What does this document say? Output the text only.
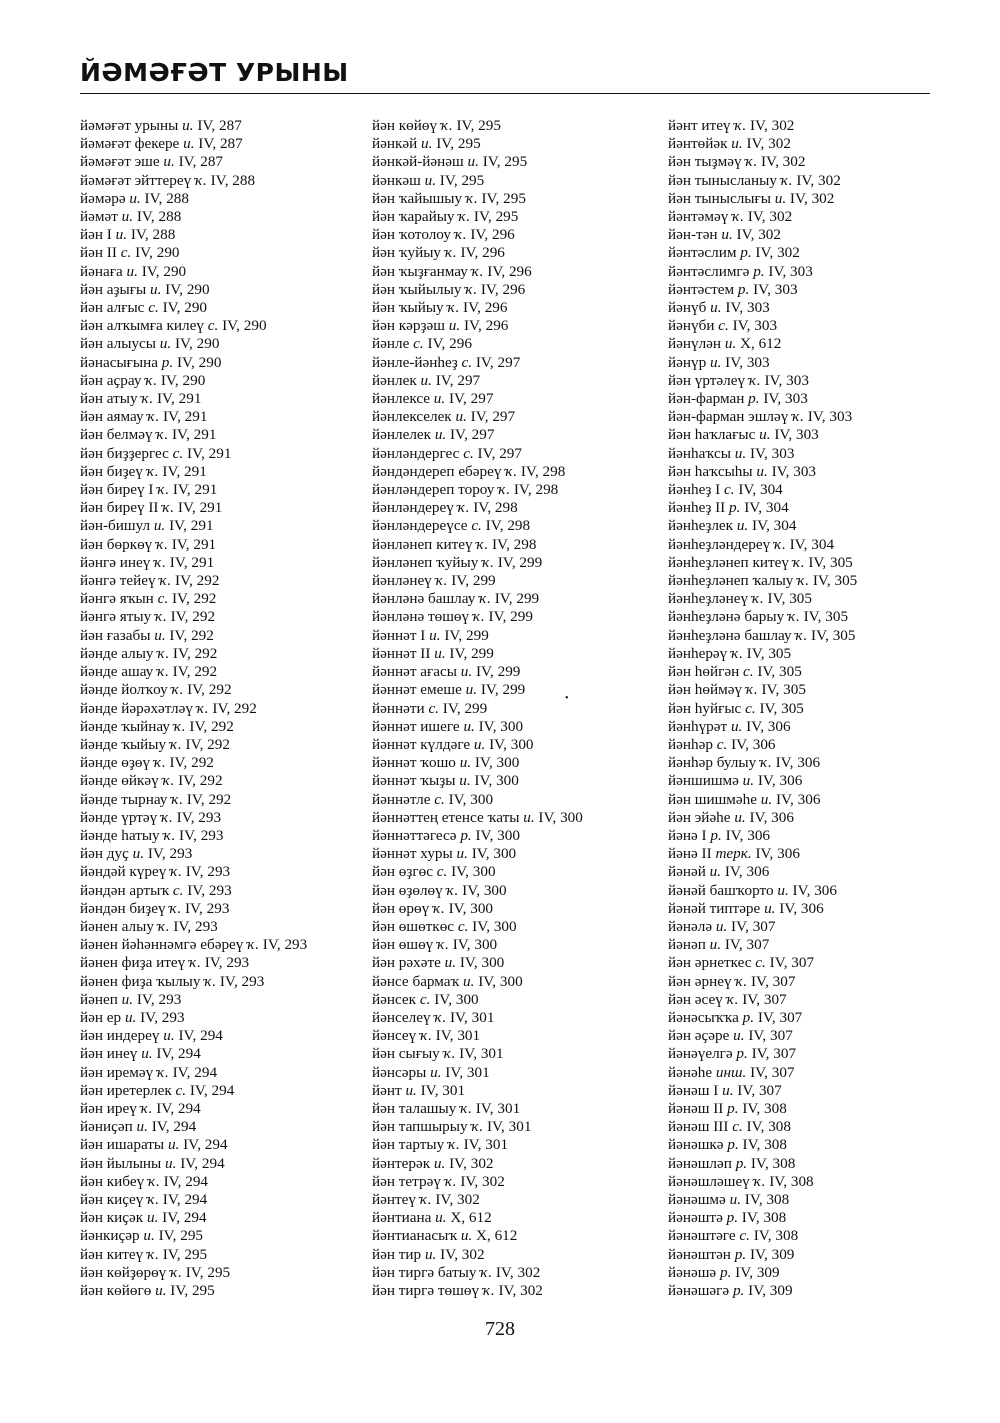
ЙӘМӘҒӘТ УРЫНЫ
йәмәғәт урыны и. IV, 287
йәмәғәт фекере и. IV, 287
йәмәғәт эше и. IV, 287
йәмәғәт эйттереү ҡ. IV, 288
йәмәрә и. IV, 288
йәмәт и. IV, 288
йән I и. IV, 288
йән II с. IV, 290
йәнаға и. IV, 290
йән аҙығы и. IV, 290
йән алғыс с. IV, 290
йән алҡымға килеү с. IV, 290
йән алыусы и. IV, 290
йәнасығына р. IV, 290
йән аҫрау ҡ. IV, 290
йән атыу ҡ. IV, 291
йән аямау ҡ. IV, 291
йән белмәү ҡ. IV, 291
йән биҙҙергес с. IV, 291
йән биҙеү ҡ. IV, 291
йән биреү I ҡ. IV, 291
йән биреү II ҡ. IV, 291
йән-бишул и. IV, 291
йән бөркөү ҡ. IV, 291
йәнгә инеү ҡ. IV, 291
йәнгә тейеү ҡ. IV, 292
йәнгә яҡын с. IV, 292
йәнгә ятыу ҡ. IV, 292
йән ғазабы и. IV, 292
йәнде алыу ҡ. IV, 292
йәнде ашау ҡ. IV, 292
йәнде йолҡоу ҡ. IV, 292
йәнде йәрәхәтләү ҡ. IV, 292
йәнде ҡыйнау ҡ. IV, 292
йәнде ҡыйыу ҡ. IV, 292
йәнде өҙөү ҡ. IV, 292
йәнде өйкәү ҡ. IV, 292
йәнде тырнау ҡ. IV, 292
йәнде үртәү ҡ. IV, 293
йәнде һатыу ҡ. IV, 293
йән дуҫ и. IV, 293
йәндәй күреү ҡ. IV, 293
йәндән артыҡ с. IV, 293
йәндән биҙеү ҡ. IV, 293
йәнен алыу ҡ. IV, 293
йәнен йәһәннәмгә ебәреү ҡ. IV, 293
йәнен фиҙа итеү ҡ. IV, 293
йәнен фиҙа ҡылыу ҡ. IV, 293
йәнеп и. IV, 293
йән ер и. IV, 293
йән индереү и. IV, 294
йән инеү и. IV, 294
йән иремәү ҡ. IV, 294
йән иретерлек с. IV, 294
йән иреү ҡ. IV, 294
йәниҫәп и. IV, 294
йән ишараты и. IV, 294
йән йылыны и. IV, 294
йән кибеү ҡ. IV, 294
йән киҫеү ҡ. IV, 294
йән киҫәк и. IV, 294
йәнкиҫәр и. IV, 295
йән китеү ҡ. IV, 295
йән көйҙөрөү ҡ. IV, 295
йән көйөгө и. IV, 295
йән көйөү ҡ. IV, 295
йәнкәй и. IV, 295
йәнкәй-йәнәш и. IV, 295
йәнкәш и. IV, 295
йән ҡайышыу ҡ. IV, 295
йән ҡарайыу ҡ. IV, 295
йән ҡотолоу ҡ. IV, 296
йән ҡуйыу ҡ. IV, 296
йән ҡыҙғанмау ҡ. IV, 296
йән ҡыйылыу ҡ. IV, 296
йән ҡыйыу ҡ. IV, 296
йән кәрҙәш и. IV, 296
йәнле с. IV, 296
йәнле-йәнһеҙ с. IV, 297
йәнлек и. IV, 297
йәнлексе и. IV, 297
йәнлекселек и. IV, 297
йәнлелек и. IV, 297
йәнләндергес с. IV, 297
йәндәндереп ебәреү ҡ. IV, 298
йәнләндереп тороу ҡ. IV, 298
йәнләндереү ҡ. IV, 298
йәнләндереүсе с. IV, 298
йәнләнеп китеү ҡ. IV, 298
йәнләнеп ҡуйыу ҡ. IV, 299
йәнләнеү ҡ. IV, 299
йәнләнә башлау ҡ. IV, 299
йәнләнә төшөү ҡ. IV, 299
йәннәт I и. IV, 299
йәннәт II и. IV, 299
йәннәт ағасы и. IV, 299
йәннәт емеше и. IV, 299
йәннәти с. IV, 299
йәннәт ишеге и. IV, 300
йәннәт күлдәге и. IV, 300
йәннәт ҡошо и. IV, 300
йәннәт ҡыҙы и. IV, 300
йәннәтле с. IV, 300
йәннәттең етенсе ҡаты и. IV, 300
йәннәттәгесә р. IV, 300
йәннәт хуры и. IV, 300
йән өҙгөс с. IV, 300
йән өҙөлөү ҡ. IV, 300
йән өрөү ҡ. IV, 300
йән өшөткөс с. IV, 300
йән өшөү ҡ. IV, 300
йән рәхәте и. IV, 300
йәнсе бармаҡ и. IV, 300
йәнсек с. IV, 300
йәнселеү ҡ. IV, 301
йәнсеү ҡ. IV, 301
йән сығыу ҡ. IV, 301
йәнсәры и. IV, 301
йәнт и. IV, 301
йән талашыу ҡ. IV, 301
йән тапшырыу ҡ. IV, 301
йән тартыу ҡ. IV, 301
йәнтерәк и. IV, 302
йән тетрәү ҡ. IV, 302
йәнтеү ҡ. IV, 302
йәнтиана и. X, 612
йәнтианасыҡ и. X, 612
йән тир и. IV, 302
йән тиргә батыу ҡ. IV, 302
йән тиргә төшөү ҡ. IV, 302
йәнт итеү ҡ. IV, 302
йәнтөйәк и. IV, 302
йән тыҙмәү ҡ. IV, 302
йән тынысланыу ҡ. IV, 302
йән тыныслығы и. IV, 302
йәнтәмәү ҡ. IV, 302
йән-тән и. IV, 302
йәнтәслим р. IV, 302
йәнтәслимгә р. IV, 303
йәнтәстем р. IV, 303
йәнүб и. IV, 303
йәнүби с. IV, 303
йәнүлән и. X, 612
йәнүр и. IV, 303
йән үртәлеү ҡ. IV, 303
йән-фарман р. IV, 303
йән-фарман эшләү ҡ. IV, 303
йән һаҡлағыс и. IV, 303
йәнһаҡсы и. IV, 303
йән һаҡсыһы и. IV, 303
йәнһеҙ I с. IV, 304
йәнһеҙ II р. IV, 304
йәнһеҙлек и. IV, 304
йәнһеҙләндереү ҡ. IV, 304
йәнһеҙләнеп китеү ҡ. IV, 305
йәнһеҙләнеп ҡалыу ҡ. IV, 305
йәнһеҙләнеү ҡ. IV, 305
йәнһеҙләнә барыу ҡ. IV, 305
йәнһеҙләнә башлау ҡ. IV, 305
йәнһерәү ҡ. IV, 305
йән һөйгән с. IV, 305
йән һөймәү ҡ. IV, 305
йән һуйғыс с. IV, 305
йәнһүрәт и. IV, 306
йәнһәр с. IV, 306
йәнһәр булыу ҡ. IV, 306
йәншишмә и. IV, 306
йән шишмәһе и. IV, 306
йән эйәһе и. IV, 306
йәнә I р. IV, 306
йәнә II терк. IV, 306
йәнәй и. IV, 306
йәнәй башҡорто и. IV, 306
йәнәй типтәре и. IV, 306
йәнәлә и. IV, 307
йәнәп и. IV, 307
йән әрнеткес с. IV, 307
йән әрнеү ҡ. IV, 307
йән әсеү ҡ. IV, 307
йәнәсыҡҡа р. IV, 307
йән әҫәре и. IV, 307
йәнәүелгә р. IV, 307
йәнәһе инш. IV, 307
йәнәш I и. IV, 307
йәнәш II р. IV, 308
йәнәш III с. IV, 308
йәнәшкә р. IV, 308
йәнәшләп р. IV, 308
йәнәшләшеү ҡ. IV, 308
йәнәшмә и. IV, 308
йәнәштә р. IV, 308
йәнәштәге с. IV, 308
йәнәштән р. IV, 309
йәнәшә р. IV, 309
йәнәшәгә р. IV, 309
•
728
